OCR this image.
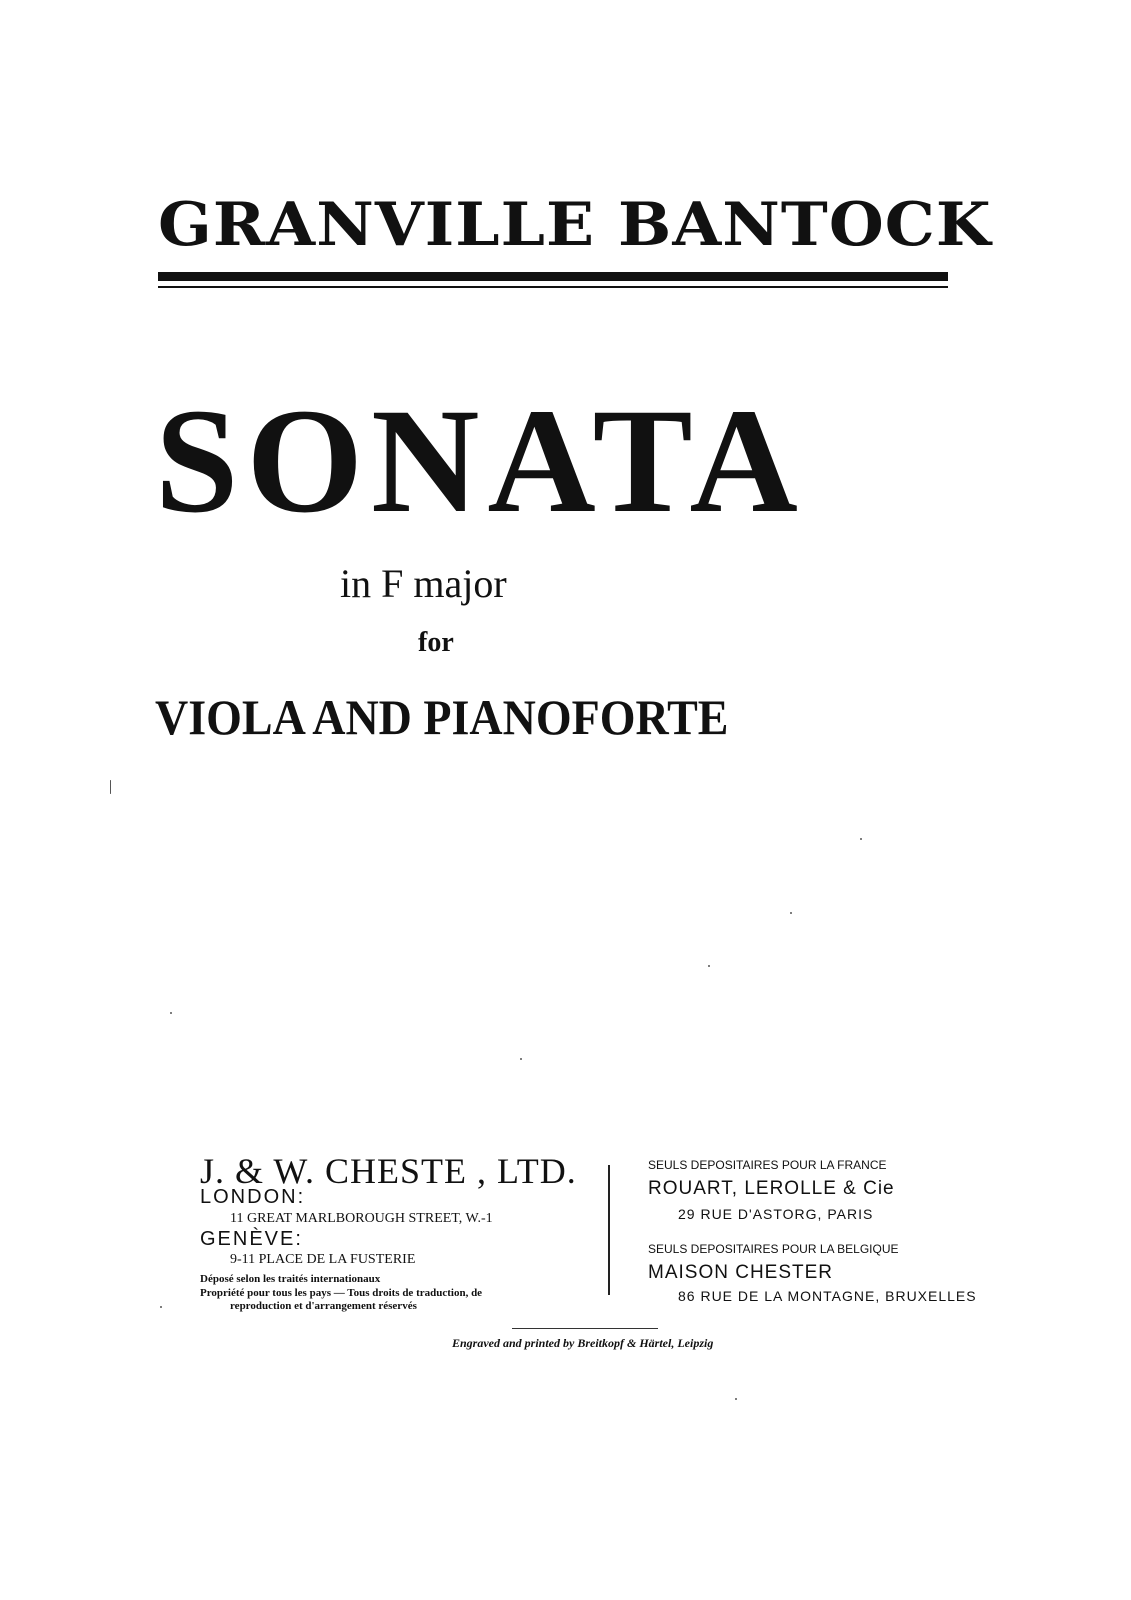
GRANVILLE BANTOCK
SONATA
in F major
for
VIOLA AND PIANOFORTE
J. & W. CHESTE , LTD.
LONDON:
11 GREAT MARLBOROUGH STREET, W.-1
GENÈVE:
9-11 PLACE DE LA FUSTERIE
Déposé selon les traités internationaux
Propriété pour tous les pays — Tous droits de traduction, de
reproduction et d'arrangement réservés
SEULS DEPOSITAIRES POUR LA FRANCE
ROUART, LEROLLE & Cie
29 RUE D'ASTORG, PARIS
SEULS DEPOSITAIRES POUR LA BELGIQUE
MAISON CHESTER
86 RUE DE LA MONTAGNE, BRUXELLES
Engraved and printed by Breitkopf & Härtel, Leipzig
